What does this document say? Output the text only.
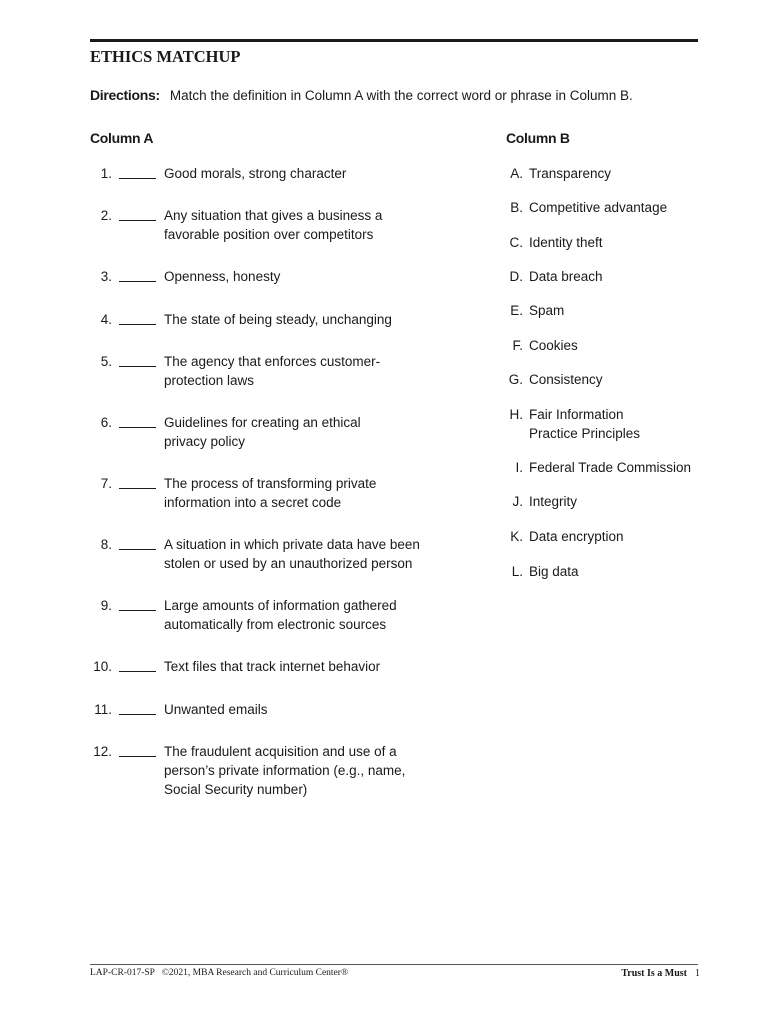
ETHICS MATCHUP
Directions: Match the definition in Column A with the correct word or phrase in Column B.
Column A	Column B
1.	Good morals, strong character
2.	Any situation that gives a business a
favorable position over competitors
3.	Openness, honesty
4.	The state of being steady, unchanging
5.	The agency that enforces customer-
protection laws
6.	Guidelines for creating an ethical
privacy policy
7.	The process of transforming private
information into a secret code
8.	A situation in which private data have been
stolen or used by an unauthorized person
9.	Large amounts of information gathered
automatically from electronic sources
10.	Text files that track internet behavior
11.	Unwanted emails
12.	The fraudulent acquisition and use of a
person’s private information (e.g., name,
Social Security number)
A. Transparency
B. Competitive advantage
C. Identity theft
D. Data breach
E. Spam
F. Cookies
G. Consistency
H. Fair Information
Practice Principles
I. Federal Trade Commission
J. Integrity
K. Data encryption
L. Big data
LAP-CR-017-SP   ©2021, MBA Research and Curriculum Center®	Trust Is a Must 1
